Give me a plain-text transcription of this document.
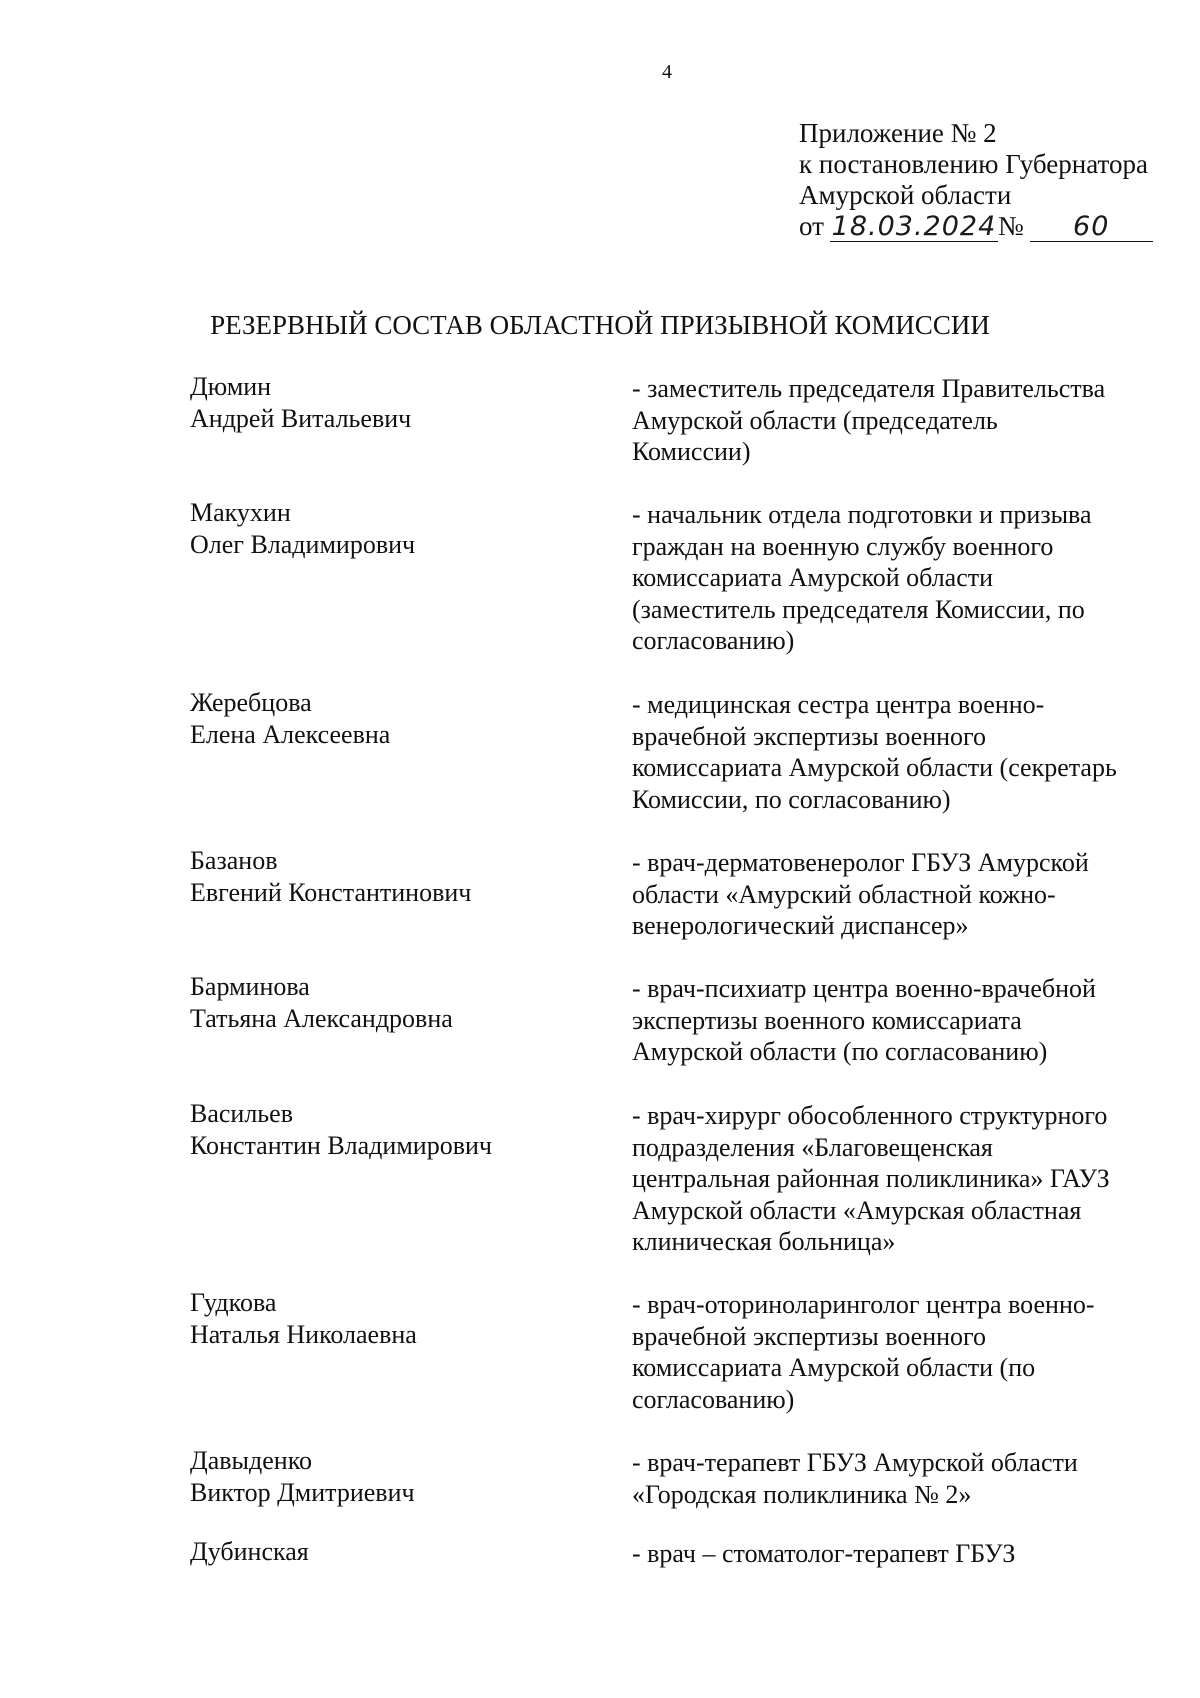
4
Приложение № 2
к постановлению Губернатора
Амурской области
от 18.03.2024№ 60
РЕЗЕРВНЫЙ СОСТАВ ОБЛАСТНОЙ ПРИЗЫВНОЙ КОМИССИИ
Дюмин
Андрей Витальевич
- заместитель председателя Правительства
Амурской области (председатель
Комиссии)
Макухин
Олег Владимирович
- начальник отдела подготовки и призыва
граждан на военную службу военного
комиссариата Амурской области
(заместитель председателя Комиссии, по
согласованию)
Жеребцова
Елена Алексеевна
- медицинская сестра центра военно-
врачебной экспертизы военного
комиссариата Амурской области (секретарь
Комиссии, по согласованию)
Базанов
Евгений Константинович
- врач-дерматовенеролог ГБУЗ Амурской
области «Амурский областной кожно-
венерологический диспансер»
Барминова
Татьяна Александровна
- врач-психиатр центра военно-врачебной
экспертизы военного комиссариата
Амурской области (по согласованию)
Васильев
Константин Владимирович
- врач-хирург обособленного структурного
подразделения «Благовещенская
центральная районная поликлиника» ГАУЗ
Амурской области «Амурская областная
клиническая больница»
Гудкова
Наталья Николаевна
- врач-оториноларинголог центра военно-
врачебной экспертизы военного
комиссариата Амурской области (по
согласованию)
Давыденко
Виктор Дмитриевич
- врач-терапевт ГБУЗ Амурской области
«Городская поликлиника № 2»
Дубинская	- врач – стоматолог-терапевт ГБУЗ
